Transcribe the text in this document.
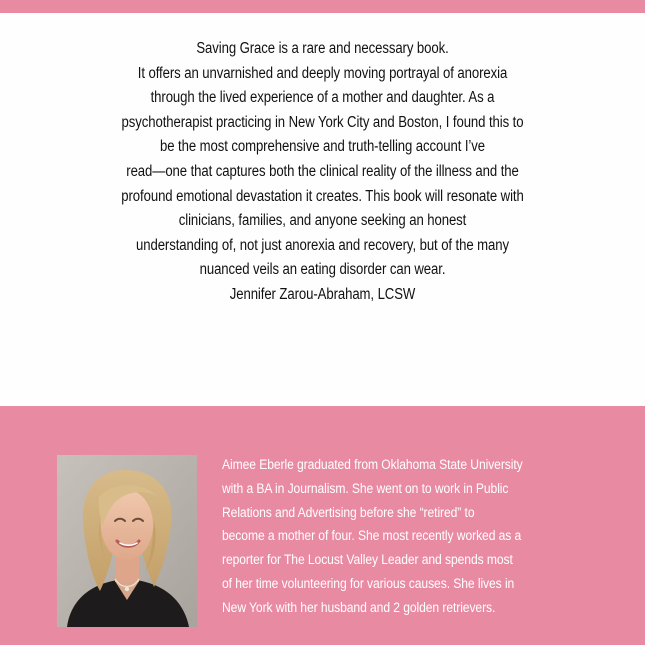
Saving Grace is a rare and necessary book.
It offers an unvarnished and deeply moving portrayal of anorexia
through the lived experience of a mother and daughter. As a
psychotherapist practicing in New York City and Boston, I found this to
be the most comprehensive and truth-telling account I’ve
read—one that captures both the clinical reality of the illness and the
profound emotional devastation it creates. This book will resonate with
clinicians, families, and anyone seeking an honest
understanding of, not just anorexia and recovery, but of the many
nuanced veils an eating disorder can wear.
Jennifer Zarou-Abraham, LCSW
Aimee Eberle graduated from Oklahoma State University
with a BA in Journalism. She went on to work in Public
Relations and Advertising before she “retired” to
become a mother of four. She most recently worked as a
reporter for The Locust Valley Leader and spends most
of her time volunteering for various causes. She lives in
New York with her husband and 2 golden retrievers.
